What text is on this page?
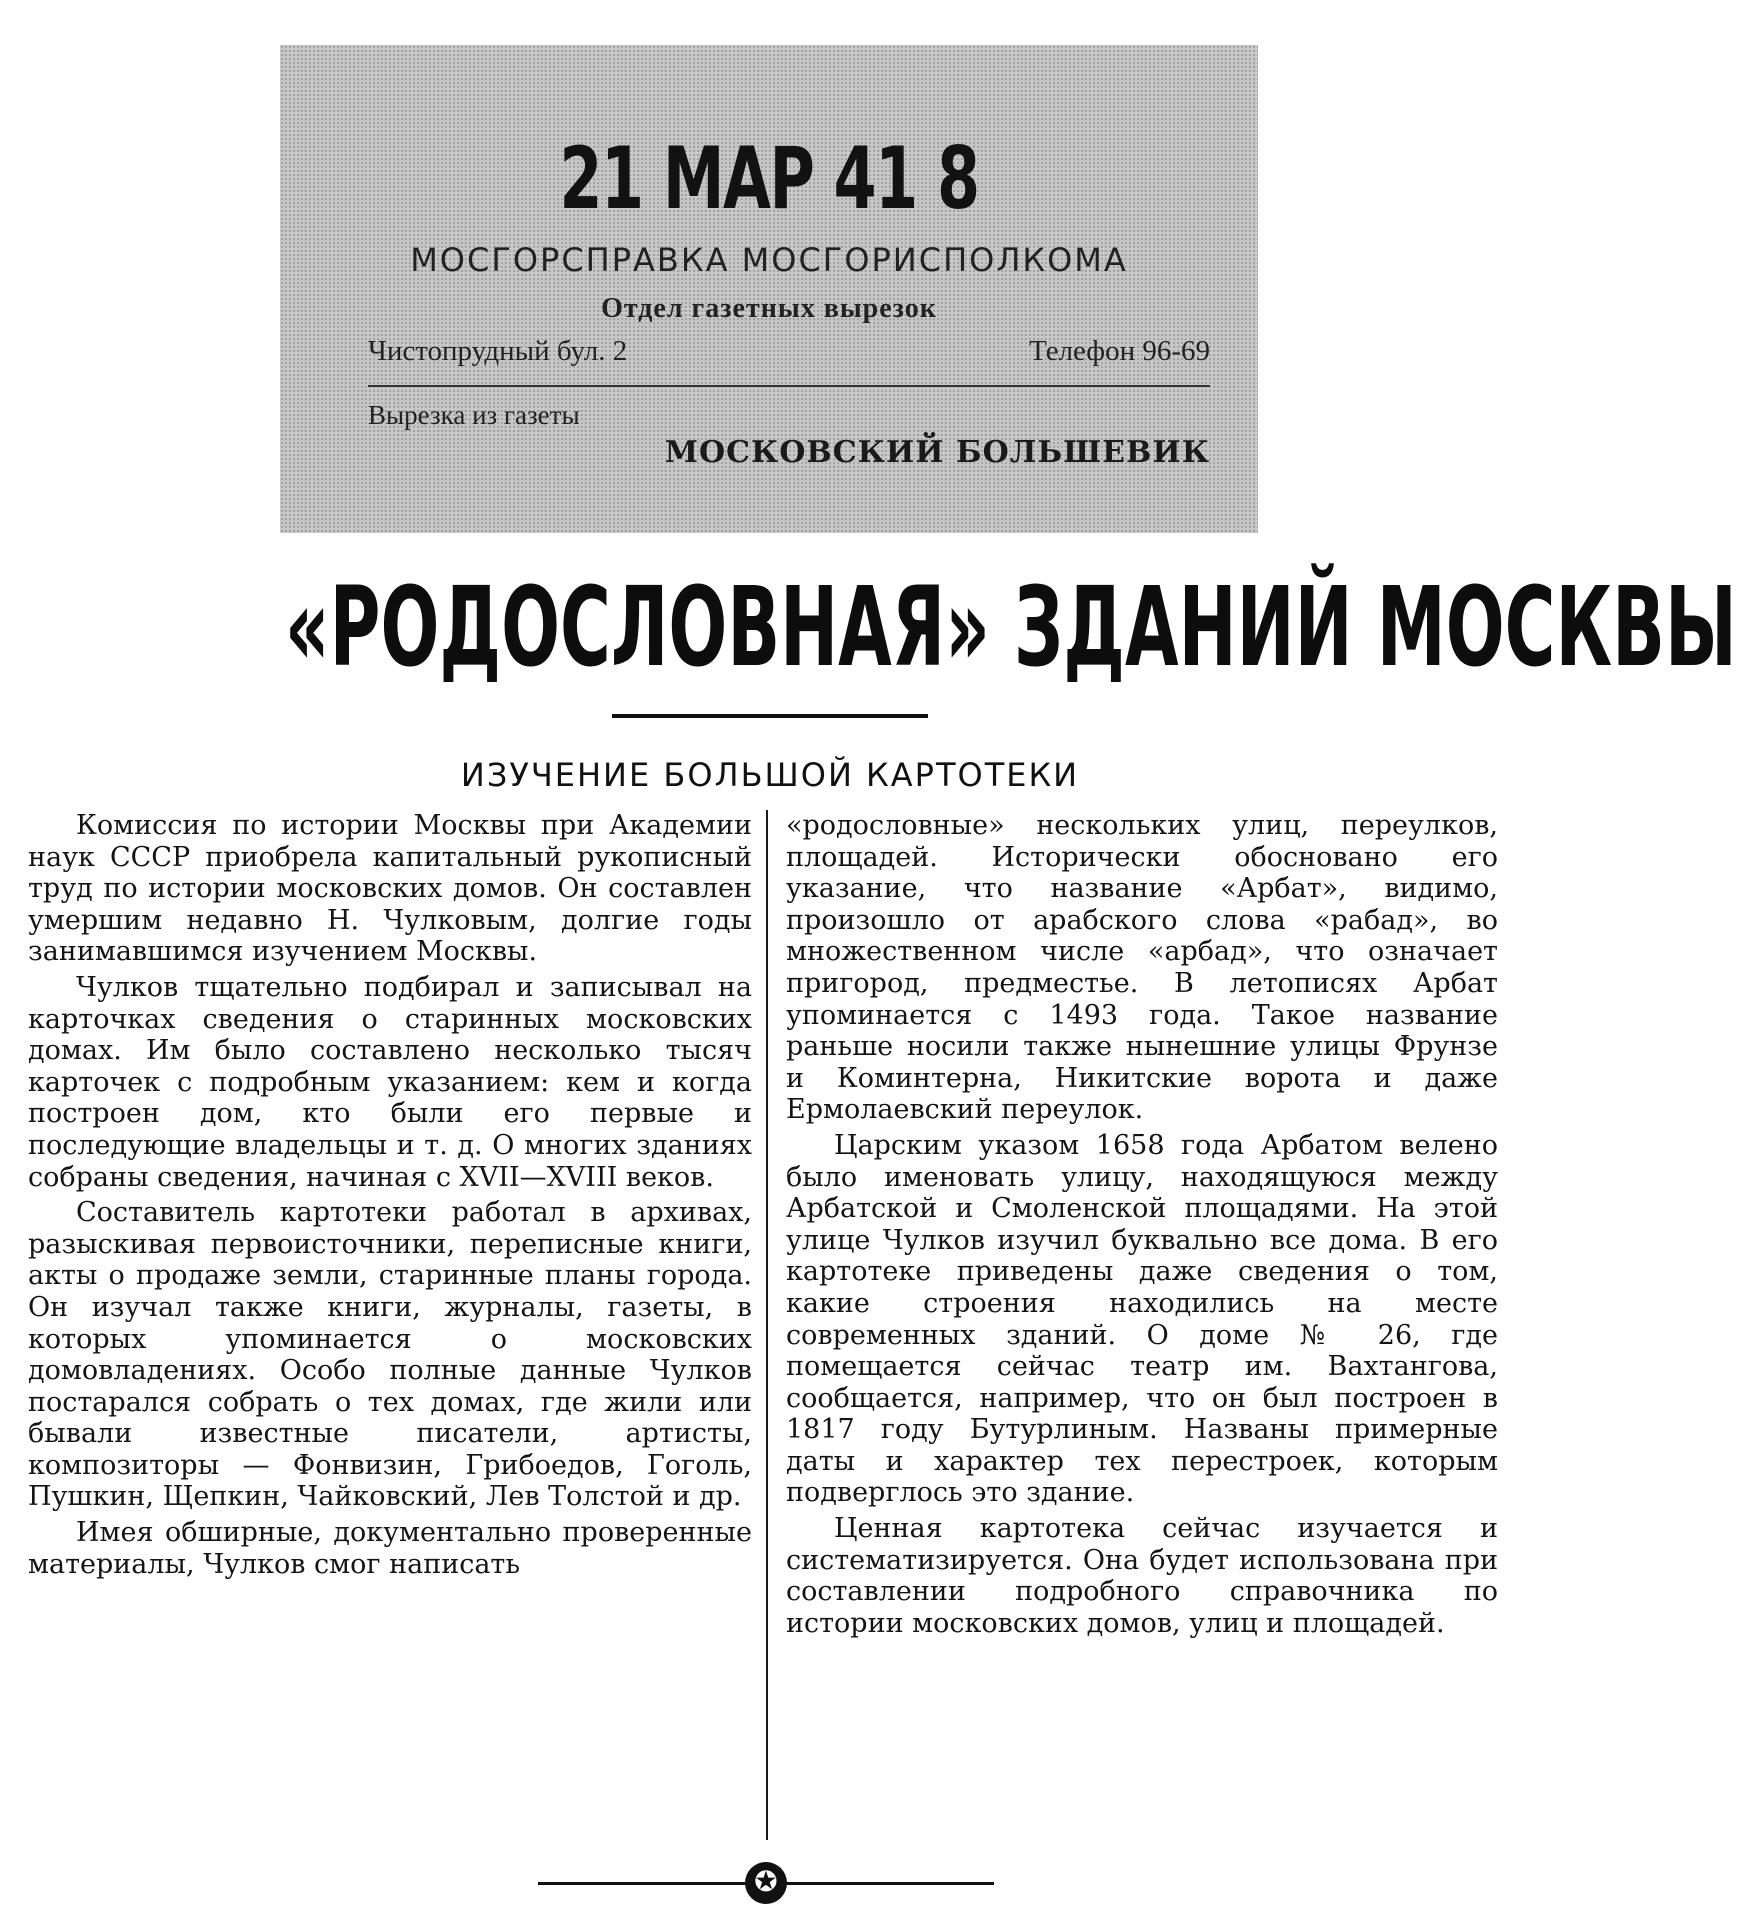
21 МАР 41 8
МОСГОРСПРАВКА МОСГОРИСПОЛКОМА
Отдел газетных вырезок
Чистопрудный бул. 2	Телефон 96-69
Вырезка из газеты
МОСКОВСКИЙ БОЛЬШЕВИК
«РОДОСЛОВНАЯ» ЗДАНИЙ МОСКВЫ
ИЗУЧЕНИЕ БОЛЬШОЙ КАРТОТЕКИ

Комиссия по истории Москвы при Академии наук СССР приобрела капитальный рукописный труд по истории московских домов. Он составлен умершим недавно Н. Чулковым, долгие годы занимавшимся изучением Москвы.

Чулков тщательно подбирал и записывал на карточках сведения о старинных московских домах. Им было составлено несколько тысяч карточек с подробным указанием: кем и когда построен дом, кто были его первые и последующие владельцы и т. д. О многих зданиях собраны сведения, начиная с XVII—XVIII веков.

Составитель картотеки работал в архивах, разыскивая первоисточники, переписные книги, акты о продаже земли, старинные планы города. Он изучал также книги, журналы, газеты, в которых упоминается о московских домовладениях. Особо полные данные Чулков постарался собрать о тех домах, где жили или бывали известные писатели, артисты, композиторы — Фонвизин, Грибоедов, Гоголь, Пушкин, Щепкин, Чайковский, Лев Толстой и др.

Имея обширные, документально проверенные материалы, Чулков смог написать

«родословные» нескольких улиц, переулков, площадей. Исторически обосновано его указание, что название «Арбат», видимо, произошло от арабского слова «рабад», во множественном числе «арбад», что означает пригород, предместье. В летописях Арбат упоминается с 1493 года. Такое название раньше носили также нынешние улицы Фрунзе и Коминтерна, Никитские ворота и даже Ермолаевский переулок.

Царским указом 1658 года Арбатом велено было именовать улицу, находящуюся между Арбатской и Смоленской площадями. На этой улице Чулков изучил буквально все дома. В его картотеке приведены даже сведения о том, какие строения находились на месте современных зданий. О доме № 26, где помещается сейчас театр им. Вахтангова, сообщается, например, что он был построен в 1817 году Бутурлиным. Названы примерные даты и характер тех перестроек, которым подверглось это здание.

Ценная картотека сейчас изучается и систематизируется. Она будет использована при составлении подробного справочника по истории московских домов, улиц и площадей.

✪
